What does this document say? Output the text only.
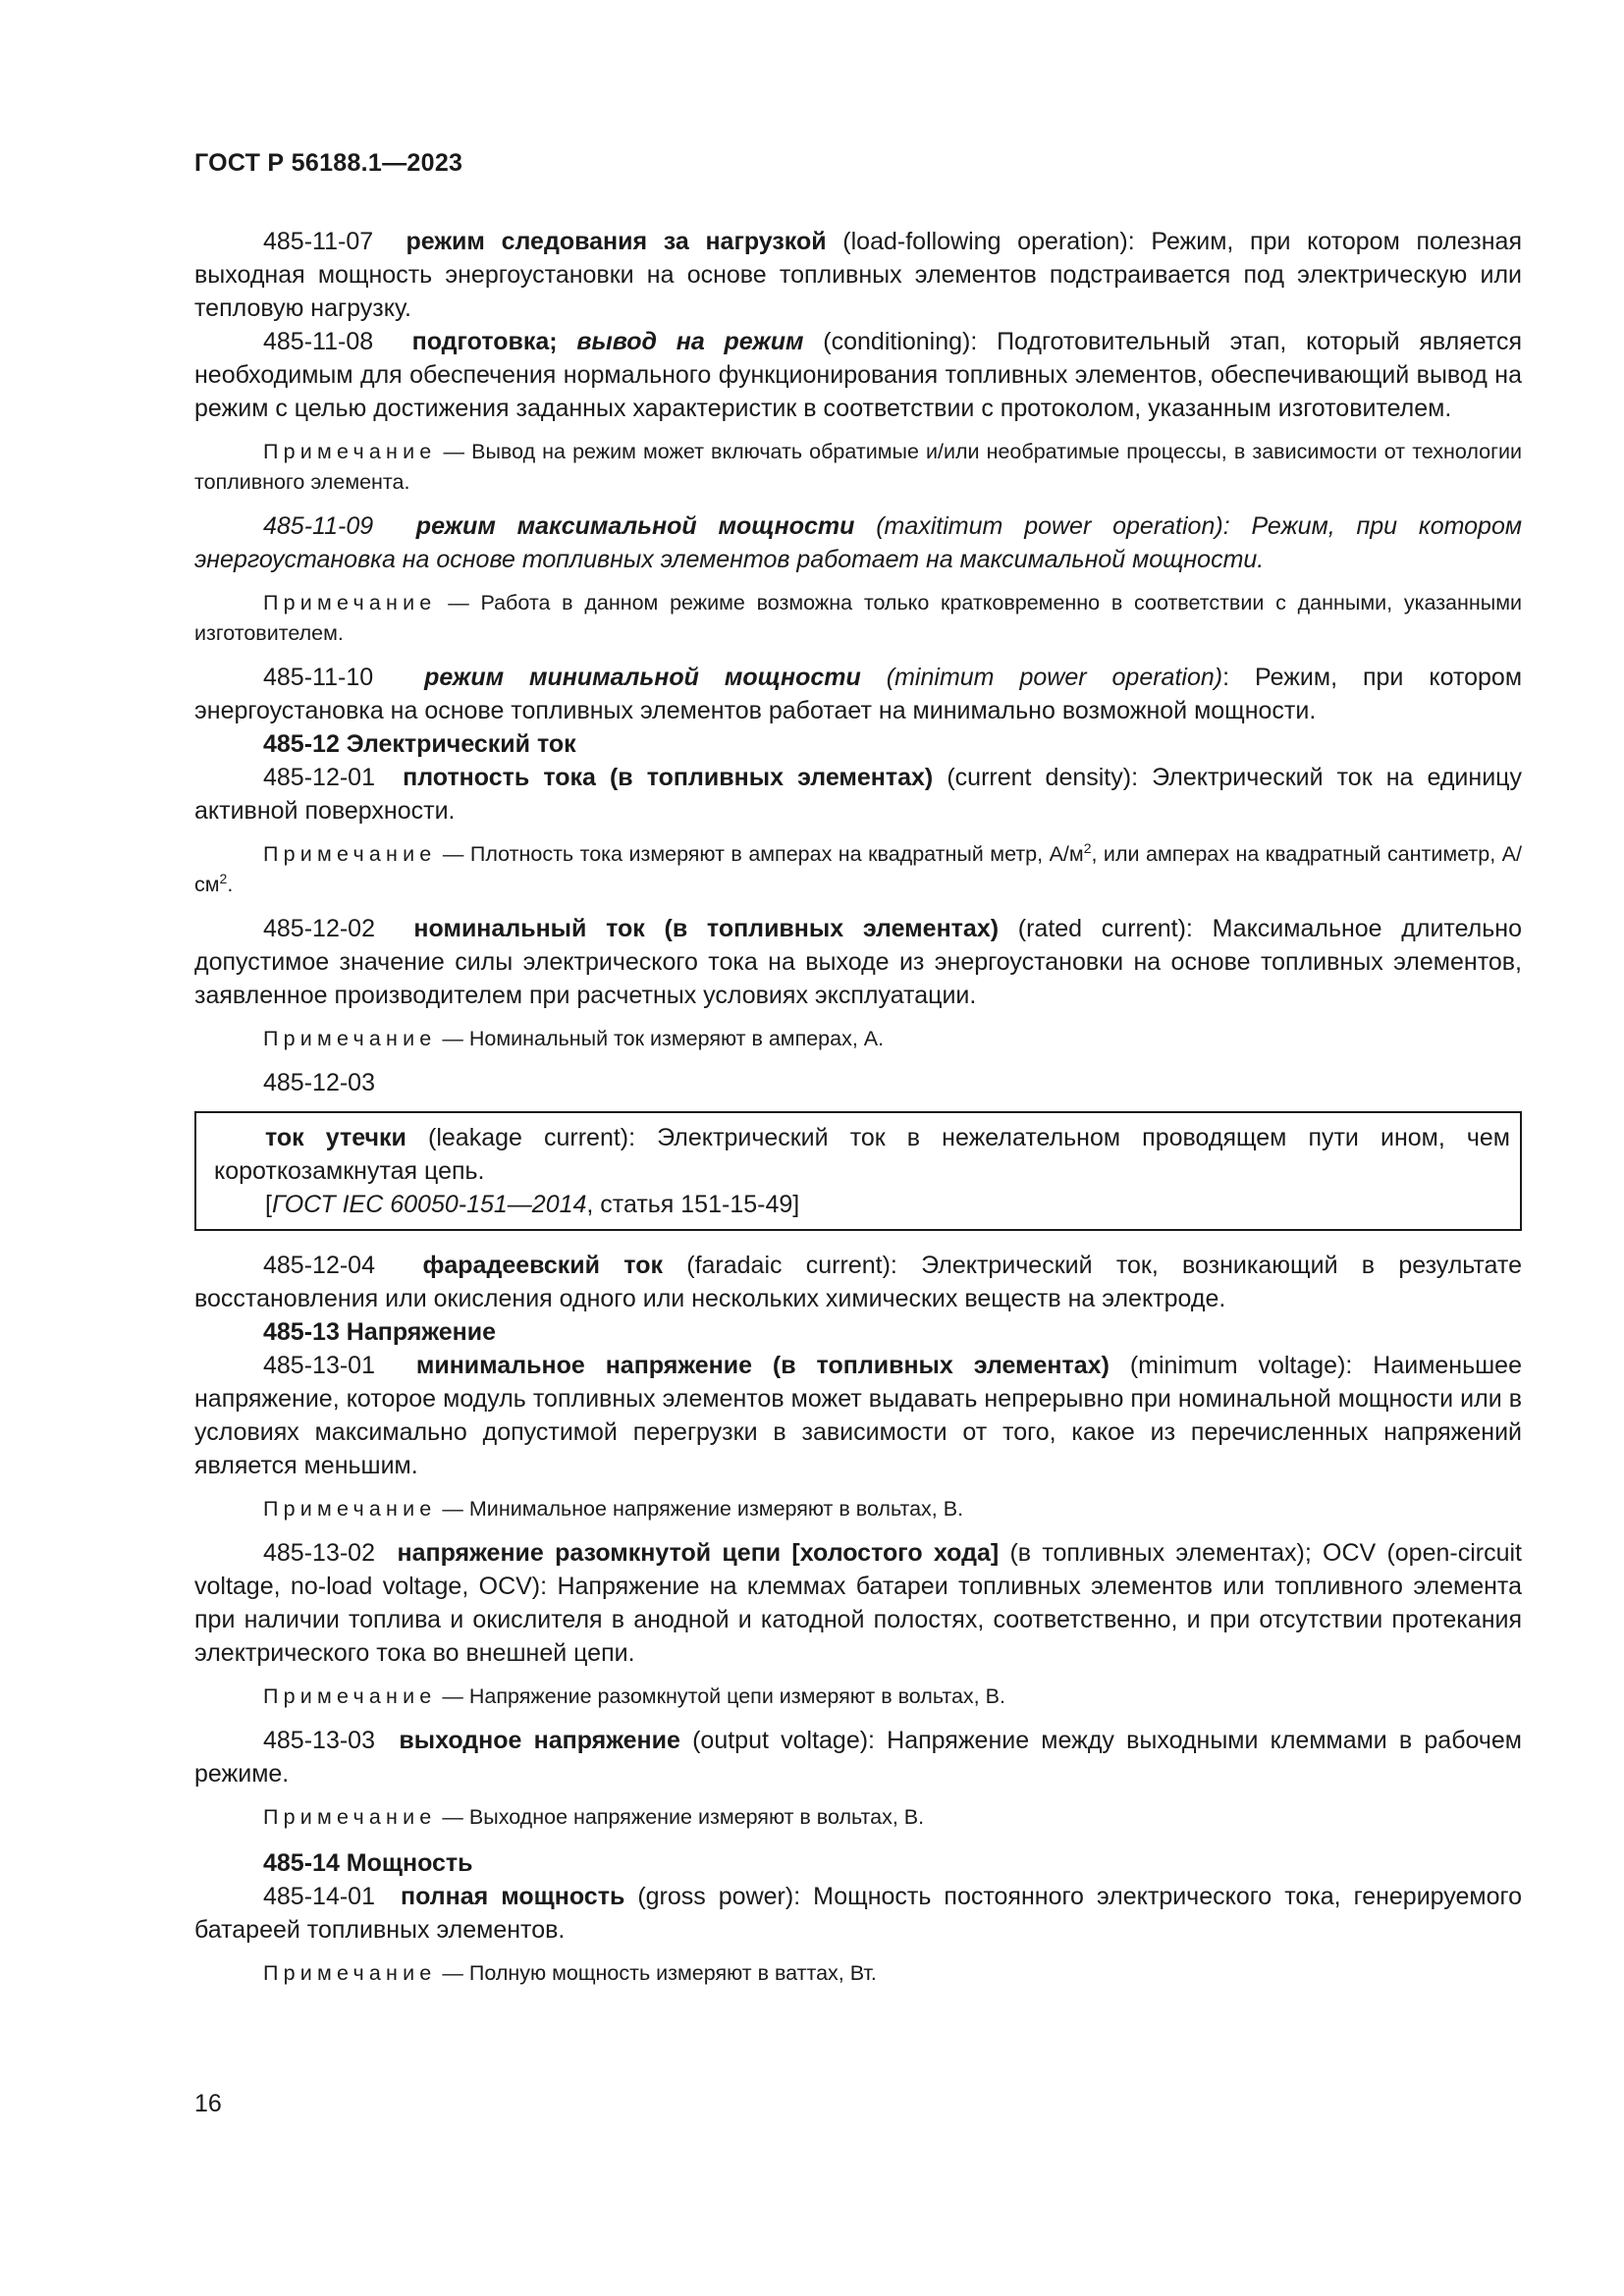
ГОСТ Р 56188.1—2023

485-11-07 режим следования за нагрузкой (load-following operation): Режим, при котором полезная выходная мощность энергоустановки на основе топливных элементов подстраивается под электрическую или тепловую нагрузку.

485-11-08 подготовка; вывод на режим (conditioning): Подготовительный этап, который является необходимым для обеспечения нормального функционирования топливных элементов, обеспечивающий вывод на режим с целью достижения заданных характеристик в соответствии с протоколом, указанным изготовителем.

Примечание — Вывод на режим может включать обратимые и/или необратимые процессы, в зависимости от технологии топливного элемента.

485-11-09 режим максимальной мощности (maxitimum power operation): Режим, при котором энергоустановка на основе топливных элементов работает на максимальной мощности.

Примечание — Работа в данном режиме возможна только кратковременно в соответствии с данными, указанными изготовителем.

485-11-10 режим минимальной мощности (minimum power operation): Режим, при котором энергоустановка на основе топливных элементов работает на минимально возможной мощности.

485-12 Электрический ток

485-12-01 плотность тока (в топливных элементах) (current density): Электрический ток на единицу активной поверхности.

Примечание — Плотность тока измеряют в амперах на квадратный метр, $А/м^2$, или амперах на квадратный сантиметр, $А/см^2$.

485-12-02 номинальный ток (в топливных элементах) (rated current): Максимальное длительно допустимое значение силы электрического тока на выходе из энергоустановки на основе топливных элементов, заявленное производителем при расчетных условиях эксплуатации.

Примечание — Номинальный ток измеряют в амперах, А.

485-12-03

ток утечки (leakage current): Электрический ток в нежелательном проводящем пути ином, чем короткозамкнутая цепь.

[ГОСТ IEC 60050-151—2014, статья 151-15-49]

485-12-04 фарадеевский ток (faradaic current): Электрический ток, возникающий в результате восстановления или окисления одного или нескольких химических веществ на электроде.

485-13 Напряжение

485-13-01 минимальное напряжение (в топливных элементах) (minimum voltage): Наименьшее напряжение, которое модуль топливных элементов может выдавать непрерывно при номинальной мощности или в условиях максимально допустимой перегрузки в зависимости от того, какое из перечисленных напряжений является меньшим.

Примечание — Минимальное напряжение измеряют в вольтах, В.

485-13-02 напряжение разомкнутой цепи [холостого хода] (в топливных элементах); OCV (open-circuit voltage, no-load voltage, OCV): Напряжение на клеммах батареи топливных элементов или топливного элемента при наличии топлива и окислителя в анодной и катодной полостях, соответственно, и при отсутствии протекания электрического тока во внешней цепи.

Примечание — Напряжение разомкнутой цепи измеряют в вольтах, В.

485-13-03 выходное напряжение (output voltage): Напряжение между выходными клеммами в рабочем режиме.

Примечание — Выходное напряжение измеряют в вольтах, В.

485-14 Мощность

485-14-01 полная мощность (gross power): Мощность постоянного электрического тока, генерируемого батареей топливных элементов.

Примечание — Полную мощность измеряют в ваттах, Вт.

16
